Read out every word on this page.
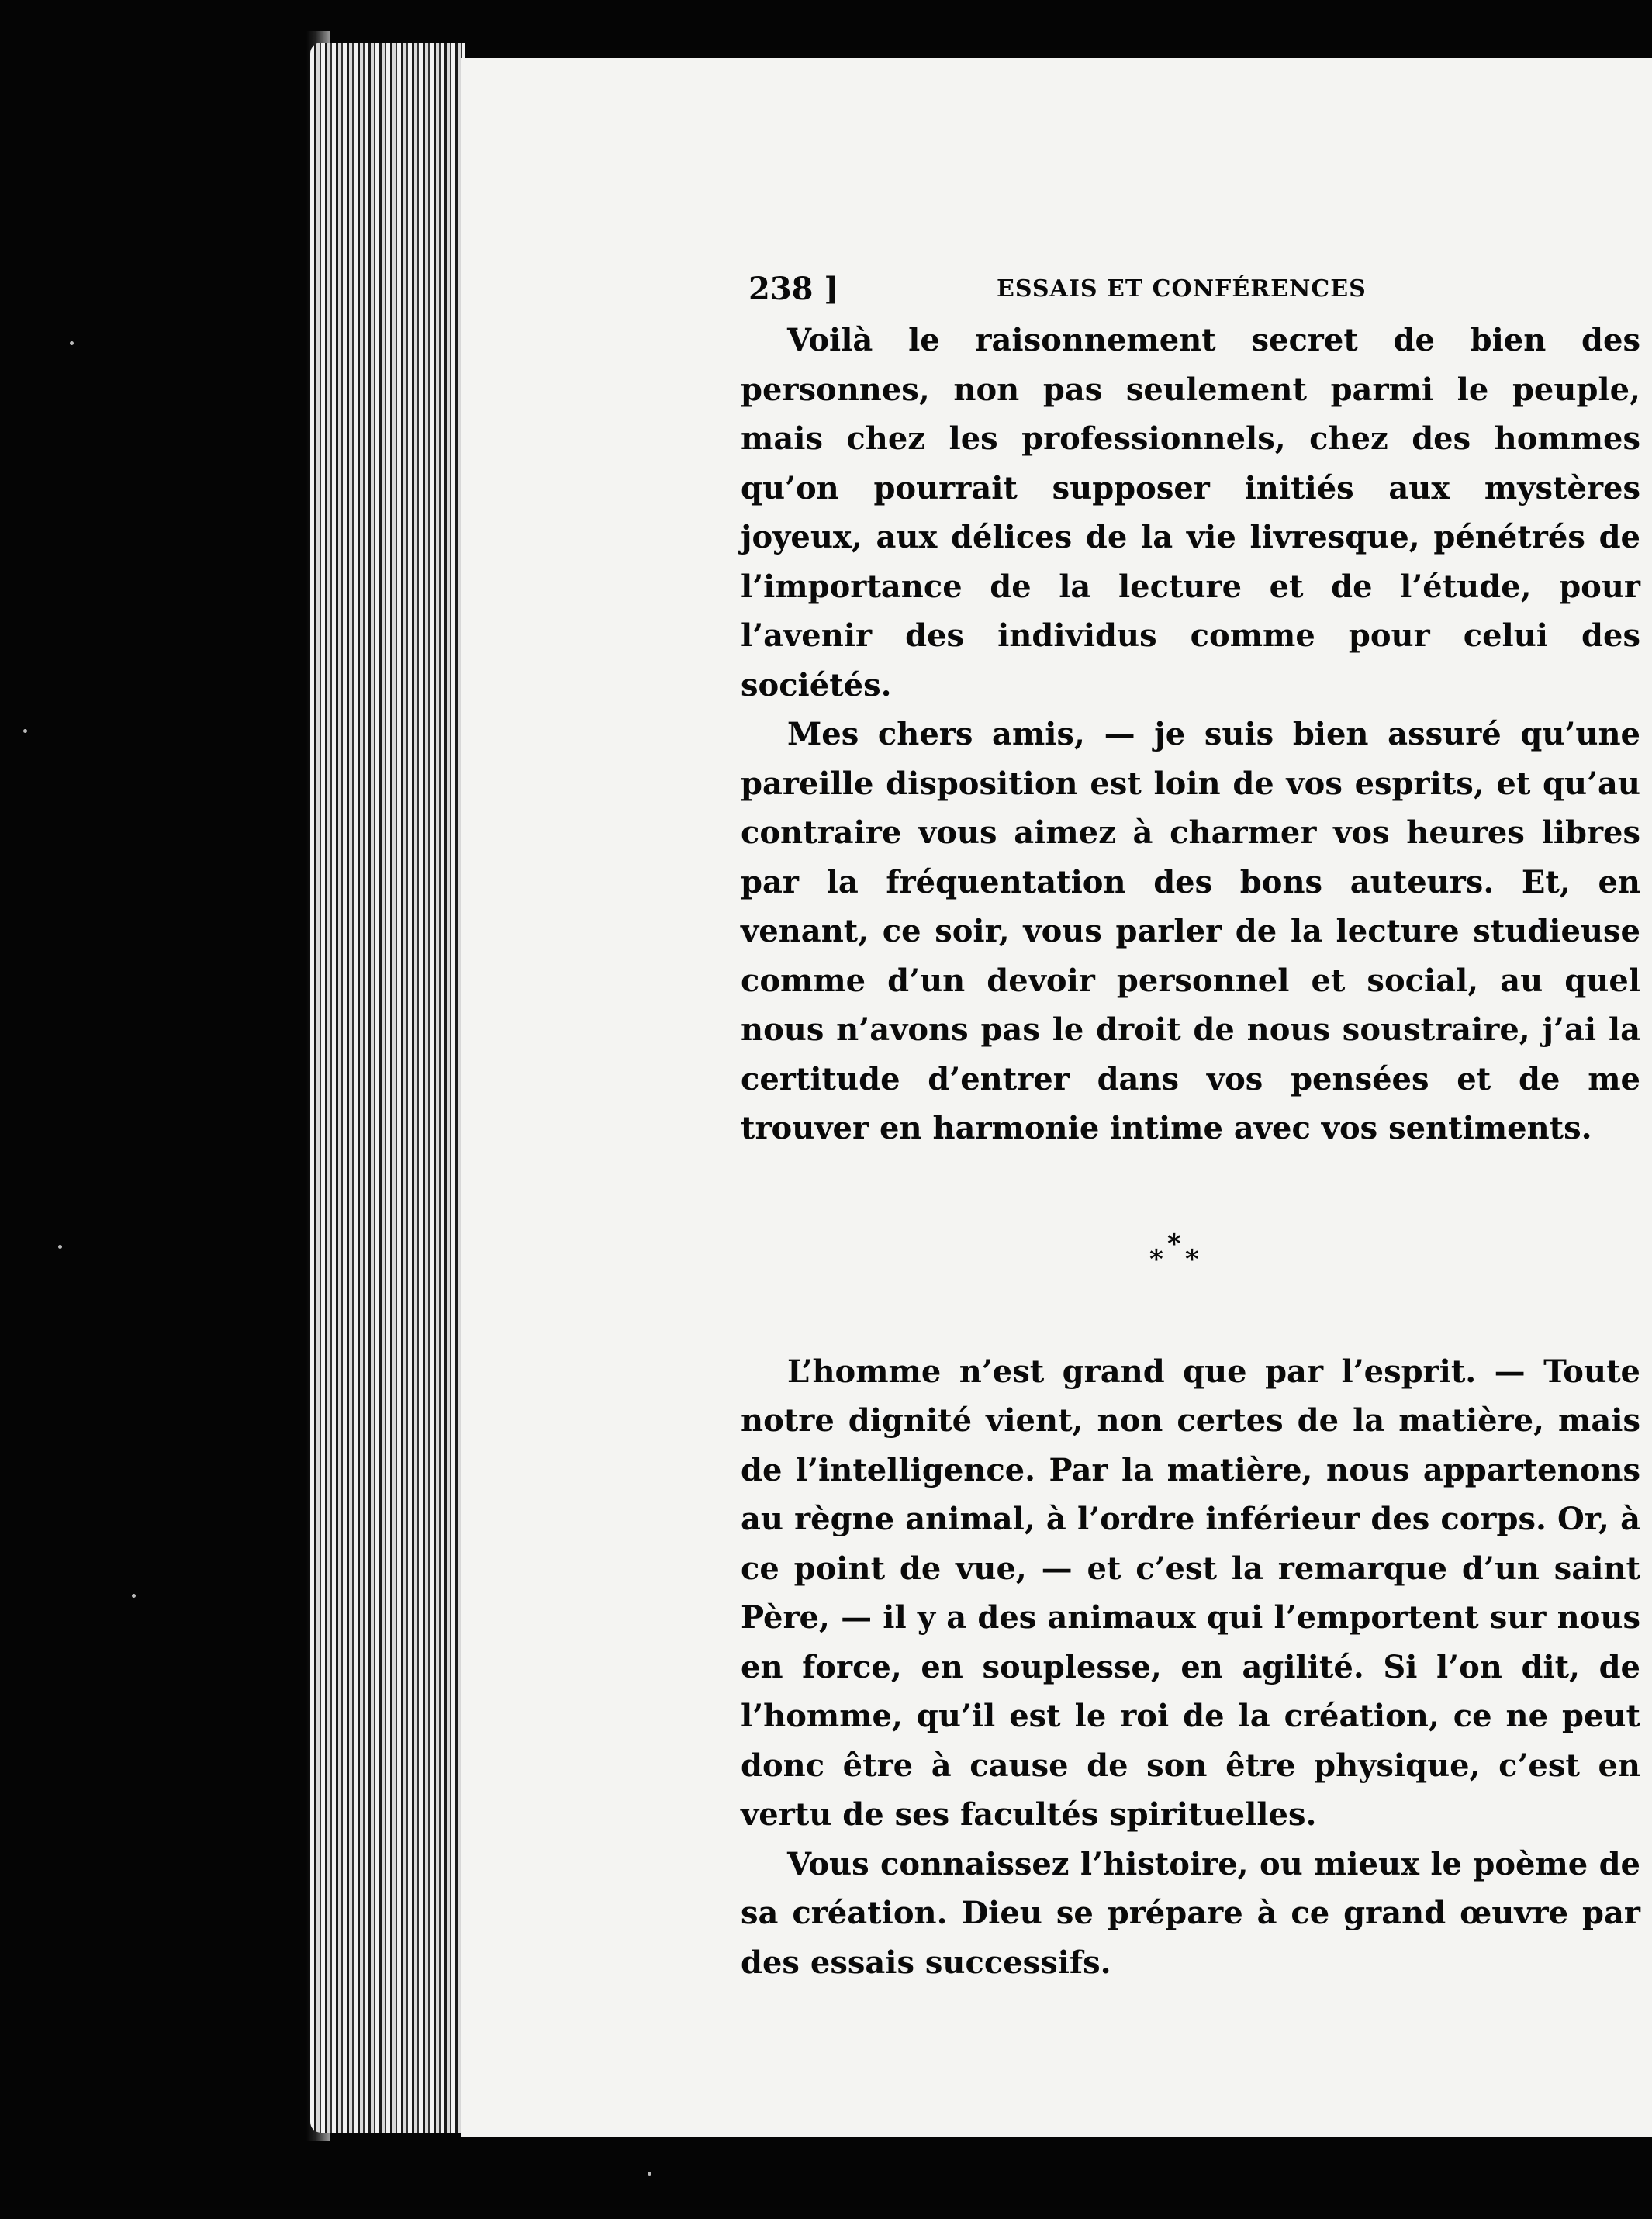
238 ]	ESSAIS ET CONFÉRENCES

Voilà le raisonnement secret de bien des personnes, non pas seulement parmi le peuple, mais chez les professionnels, chez des hommes qu’on pourrait supposer initiés aux mystères joyeux, aux délices de la vie livresque, pénétrés de l’importance de la lecture et de l’étude, pour l’avenir des individus comme pour celui des sociétés.

Mes chers amis, — je suis bien assuré qu’une pareille disposition est loin de vos esprits, et qu’au contraire vous aimez à charmer vos heures libres par la fréquentation des bons auteurs. Et, en venant, ce soir, vous parler de la lecture studieuse comme d’un devoir personnel et social, au quel nous n’avons pas le droit de nous soustraire, j’ai la certitude d’entrer dans vos pensées et de me trouver en harmonie intime avec vos sentiments.

*
* *

L’homme n’est grand que par l’esprit. — Toute notre dignité vient, non certes de la matière, mais de l’intelligence. Par la matière, nous appartenons au règne animal, à l’ordre inférieur des corps. Or, à ce point de vue, — et c’est la remarque d’un saint Père, — il y a des animaux qui l’emportent sur nous en force, en souplesse, en agilité. Si l’on dit, de l’homme, qu’il est le roi de la création, ce ne peut donc être à cause de son être physique, c’est en vertu de ses facultés spirituelles.

Vous connaissez l’histoire, ou mieux le poème de sa création. Dieu se prépare à ce grand œuvre par des essais successifs.
